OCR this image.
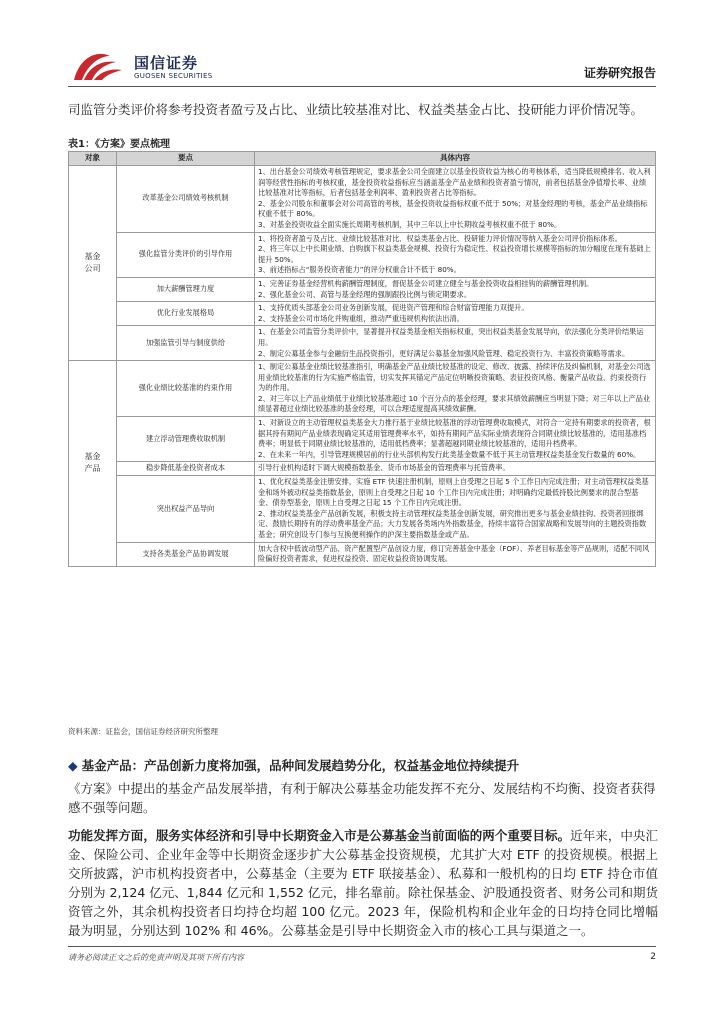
国信证券
GUOSEN SECURITIES	证券研究报告

司监管分类评价将参考投资者盈亏及占比、业绩比较基准对比、权益类基金占比、投研能力评价情况等。

表1：《方案》要点梳理
对象	要点	具体内容
基金公司	改革基金公司绩效考核机制	1、出台基金公司绩效考核管理规定，要求基金公司全面建立以基金投资收益为核心的考核体系，适当降低规模排名、收入利润等经营性指标的考核权重，基金投资收益指标应当涵盖基金产品业绩和投资者盈亏情况，前者包括基金净值增长率、业绩比较基准对比等指标，后者包括基金利润率、盈利投资者占比等指标。
2、基金公司股东和董事会对公司高管的考核，基金投资收益指标权重不低于 50%；对基金经理的考核，基金产品业绩指标权重不低于 80%。
3、对基金投资收益全面实施长周期考核机制，其中三年以上中长期收益考核权重不低于 80%。
	强化监管分类评价的引导作用	1、将投资者盈亏及占比、业绩比较基准对比、权益类基金占比、投研能力评价情况等纳入基金公司评价指标体系。
2、将三年以上中长期业绩、自购旗下权益类基金规模、投资行为稳定性、权益投资增长规模等指标的加分幅度在现有基础上提升 50%。
3、前述指标占“服务投资者能力”的评分权重合计不低于 80%。
	加大薪酬管理力度	1、完善证券基金经营机构薪酬管理制度，督促基金公司建立健全与基金投资收益相挂钩的薪酬管理机制。
2、强化基金公司、高管与基金经理的强制跟投比例与锁定期要求。
	优化行业发展格局	1、支持优质头部基金公司业务创新发展，促进资产管理和综合财富管理能力双提升。
2、支持基金公司市场化并购重组，推动严重违规机构依法出清。
	加强监管引导与制度供给	1、在基金公司监管分类评价中，显著提升权益类基金相关指标权重，突出权益类基金发展导向，依法强化分类评价结果运用。
2、制定公募基金参与金融衍生品投资指引，更好满足公募基金加强风险管理、稳定投资行为、丰富投资策略等需求。
基金产品	强化业绩比较基准的约束作用	1、制定公募基金业绩比较基准指引，明确基金产品业绩比较基准的设定、修改、披露、持续评估及纠偏机制，对基金公司选用业绩比较基准的行为实施严格监管，切实发挥其锚定产品定位明晰投资策略、表征投资风格、衡量产品收益、约束投资行为的作用。
2、对三年以上产品业绩低于业绩比较基准超过 10 个百分点的基金经理，要求其绩效薪酬应当明显下降；对三年以上产品业绩显著超过业绩比较基准的基金经理，可以合理适度提高其绩效薪酬。
	建立浮动管理费收取机制	1、对新设立的主动管理权益类基金大力推行基于业绩比较基准的浮动管理费收取模式，对符合一定持有期要求的投资者，根据其持有期间产品业绩表现确定其适用管理费率水平，如持有期间产品实际业绩表现符合同期业绩比较基准的，适用基准档费率；明显低于同期业绩比较基准的，适用低档费率；显著超越同期业绩比较基准的，适用升档费率。
2、在未来一年内，引导管理规模居前的行业头部机构发行此类基金数量不低于其主动管理权益类基金发行数量的 60%。
	稳步降低基金投资者成本	引导行业机构适时下调大规模指数基金、货币市场基金的管理费率与托管费率。
	突出权益产品导向	1、优化权益类基金注册安排，实施 ETF 快速注册机制，原则上自受理之日起 5 个工作日内完成注册；对主动管理权益类基金和场外被动权益类指数基金，原则上自受理之日起 10 个工作日内完成注册；对明确约定最低持股比例要求的混合型基金、债券型基金，原则上自受理之日起 15 个工作日内完成注册。
2、推动权益类基金产品创新发展，积极支持主动管理权益类基金创新发展，研究推出更多与基金业绩挂钩、投资者回报绑定、鼓励长期持有的浮动费率基金产品；大力发展各类场内外指数基金，持续丰富符合国家战略和发展导向的主题投资指数基金；研究创设专门参与互换便利操作的沪深主要指数基金或产品。
	支持各类基金产品协调发展	加大含权中低波动型产品、资产配置型产品创设力度，修订完善基金中基金（FOF）、养老目标基金等产品规则，适配不同风险偏好投资者需求，促进权益投资、固定收益投资协调发展。
资料来源：证监会，国信证券经济研究所整理
◆ 基金产品：产品创新力度将加强，品种间发展趋势分化，权益基金地位持续提升

《方案》中提出的基金产品发展举措，有利于解决公募基金功能发挥不充分、发展结构不均衡、投资者获得感不强等问题。

功能发挥方面，服务实体经济和引导中长期资金入市是公募基金当前面临的两个重要目标。近年来，中央汇金、保险公司、企业年金等中长期资金逐步扩大公募基金投资规模，尤其扩大对 ETF 的投资规模。根据上交所披露，沪市机构投资者中，公募基金（主要为 ETF 联接基金）、私募和一般机构的日均 ETF 持仓市值分别为 2,124 亿元、1,844 亿元和 1,552 亿元，排名靠前。除社保基金、沪股通投资者、财务公司和期货资管之外，其余机构投资者日均持仓均超 100 亿元。2023 年，保险机构和企业年金的日均持仓同比增幅最为明显，分别达到 102% 和 46%。公募基金是引导中长期资金入市的核心工具与渠道之一。

请务必阅读正文之后的免责声明及其项下所有内容	2
